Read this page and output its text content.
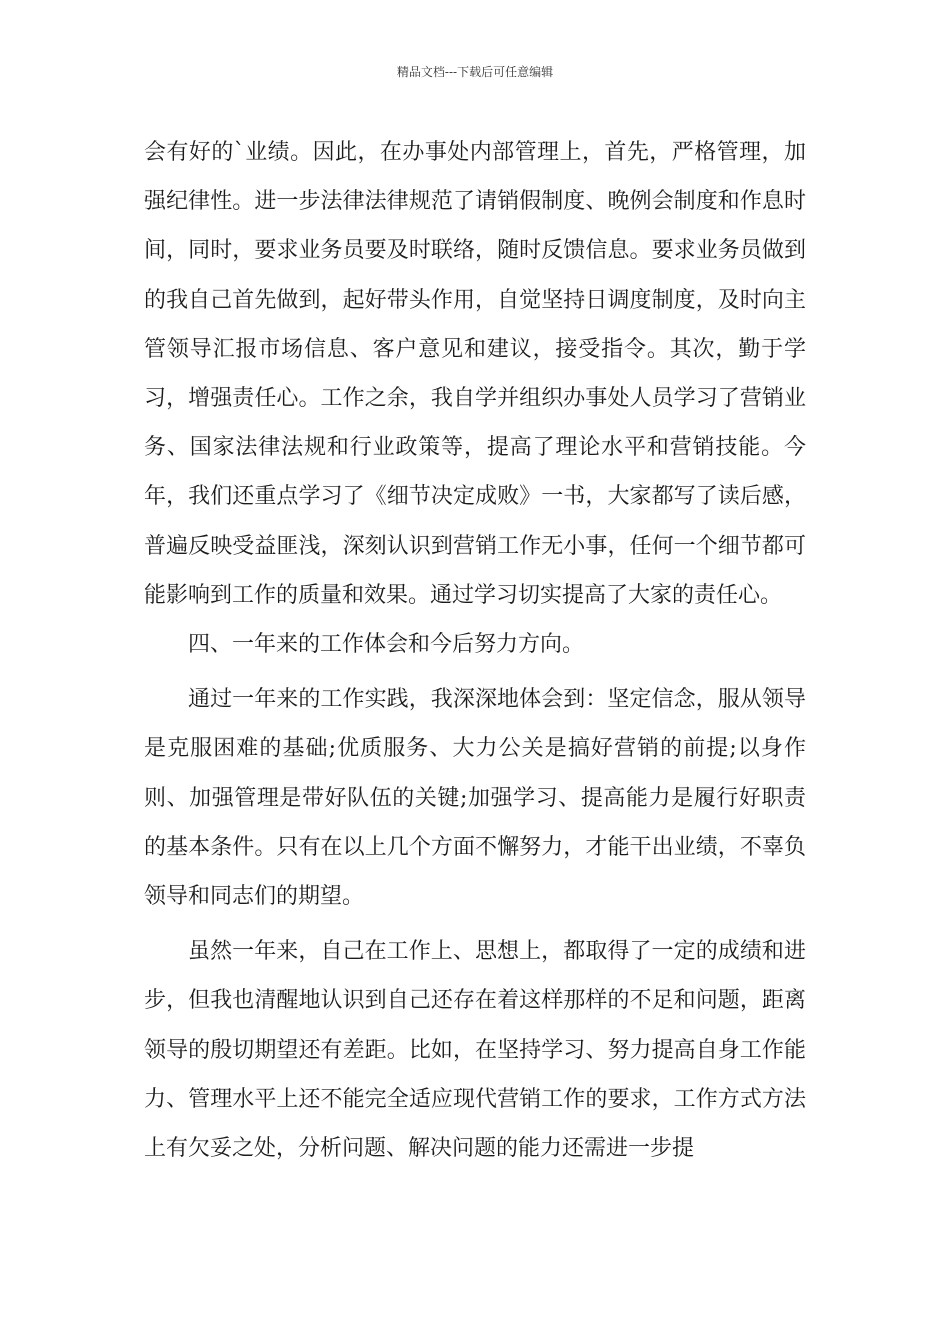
精品文档---下载后可任意编辑

会有好的`业绩。因此，在办事处内部管理上，首先，严格管理，加强纪律性。进一步法律法律规范了请销假制度、晚例会制度和作息时间，同时，要求业务员要及时联络，随时反馈信息。要求业务员做到的我自己首先做到，起好带头作用，自觉坚持日调度制度，及时向主管领导汇报市场信息、客户意见和建议，接受指令。其次，勤于学习，增强责任心。工作之余，我自学并组织办事处人员学习了营销业务、国家法律法规和行业政策等，提高了理论水平和营销技能。今年，我们还重点学习了《细节决定成败》一书，大家都写了读后感，普遍反映受益匪浅，深刻认识到营销工作无小事，任何一个细节都可能影响到工作的质量和效果。通过学习切实提高了大家的责任心。

四、一年来的工作体会和今后努力方向。

通过一年来的工作实践，我深深地体会到：坚定信念，服从领导是克服困难的基础;优质服务、大力公关是搞好营销的前提;以身作则、加强管理是带好队伍的关键;加强学习、提高能力是履行好职责的基本条件。只有在以上几个方面不懈努力，才能干出业绩，不辜负领导和同志们的期望。

虽然一年来，自己在工作上、思想上，都取得了一定的成绩和进步，但我也清醒地认识到自己还存在着这样那样的不足和问题，距离领导的殷切期望还有差距。比如，在坚持学习、努力提高自身工作能力、管理水平上还不能完全适应现代营销工作的要求，工作方式方法上有欠妥之处，分析问题、解决问题的能力还需进一步提
